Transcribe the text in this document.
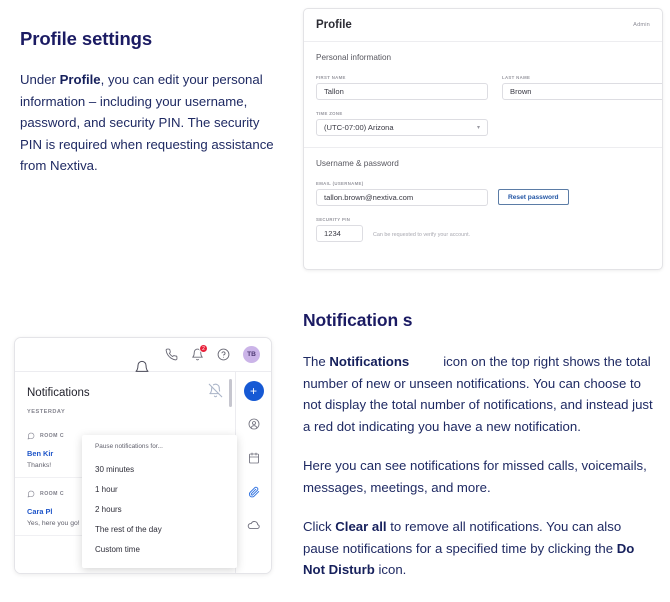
Profile settings
Under Profile, you can edit your personal information – including your username, password, and security PIN. The security PIN is required when requesting assistance from Nextiva.
Profile	Admin
Personal information
FIRST NAME
Tallon
LAST NAME
Brown
TIME ZONE
(UTC-07:00) Arizona	▾
Username & password
EMAIL (USERNAME)
tallon.brown@nextiva.com	Reset password
SECURITY PIN
1234	Can be requested to verify your account.
2
TB
Notifications
YESTERDAY
ROOM C
Ben Kir
Thanks!
ROOM C
Cara Pl
Yes, here you go!
Pause notifications for...
30 minutes
1 hour
2 hours
The rest of the day
Custom time
+
Notification s
The Notifications	icon on the top right shows the total number of new or unseen notifications. You can choose to not display the total number of notifications, and instead just a red dot indicating you have a new notification.
Here you can see notifications for missed calls, voicemails, messages, meetings, and more.
Click Clear all to remove all notifications. You can also pause notifications for a specified time by clicking the Do Not Disturb icon.
